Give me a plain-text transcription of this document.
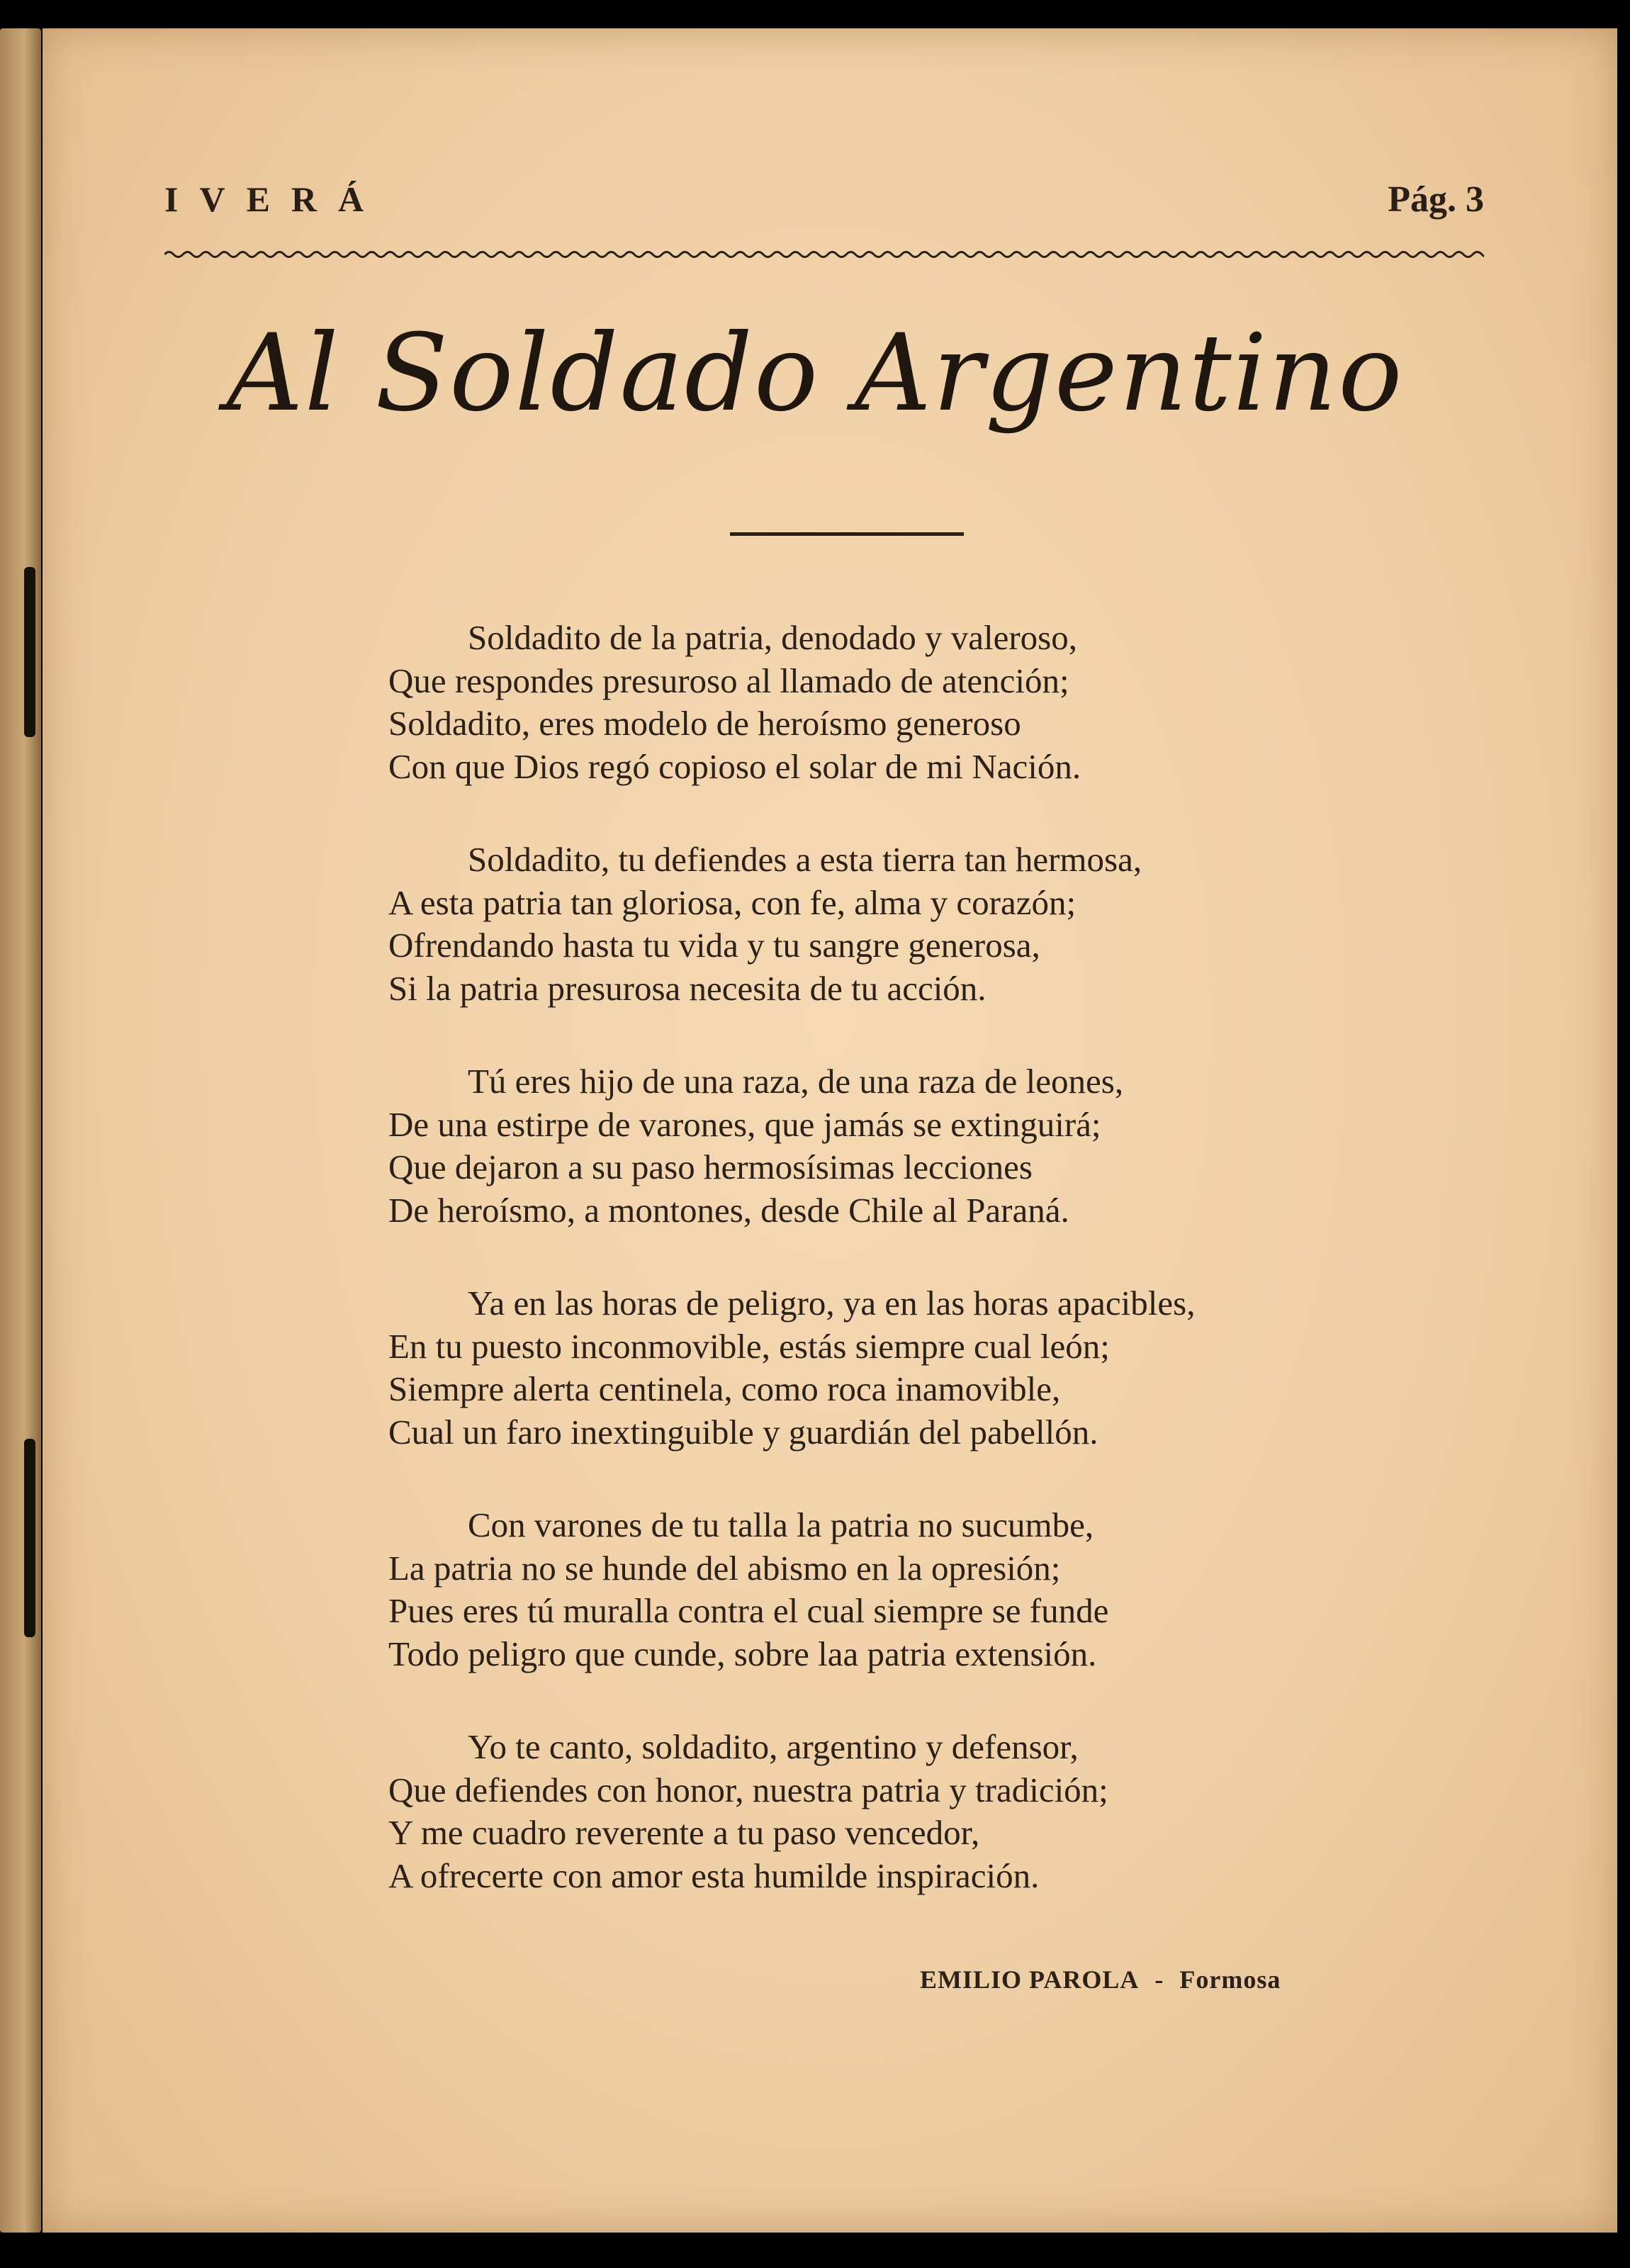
IVERÁ	Pág. 3
Al Soldado Argentino
Soldadito de la patria, denodado y valeroso,
Que respondes presuroso al llamado de atención;
Soldadito, eres modelo de heroísmo generoso
Con que Dios regó copioso el solar de mi Nación.
Soldadito, tu defiendes a esta tierra tan hermosa,
A esta patria tan gloriosa, con fe, alma y corazón;
Ofrendando hasta tu vida y tu sangre generosa,
Si la patria presurosa necesita de tu acción.
Tú eres hijo de una raza, de una raza de leones,
De una estirpe de varones, que jamás se extinguirá;
Que dejaron a su paso hermosísimas lecciones
De heroísmo, a montones, desde Chile al Paraná.
Ya en las horas de peligro, ya en las horas apacibles,
En tu puesto inconmovible, estás siempre cual león;
Siempre alerta centinela, como roca inamovible,
Cual un faro inextinguible y guardián del pabellón.
Con varones de tu talla la patria no sucumbe,
La patria no se hunde del abismo en la opresión;
Pues eres tú muralla contra el cual siempre se funde
Todo peligro que cunde, sobre laa patria extensión.
Yo te canto, soldadito, argentino y defensor,
Que defiendes con honor, nuestra patria y tradición;
Y me cuadro reverente a tu paso vencedor,
A ofrecerte con amor esta humilde inspiración.
EMILIO PAROLA - Formosa
